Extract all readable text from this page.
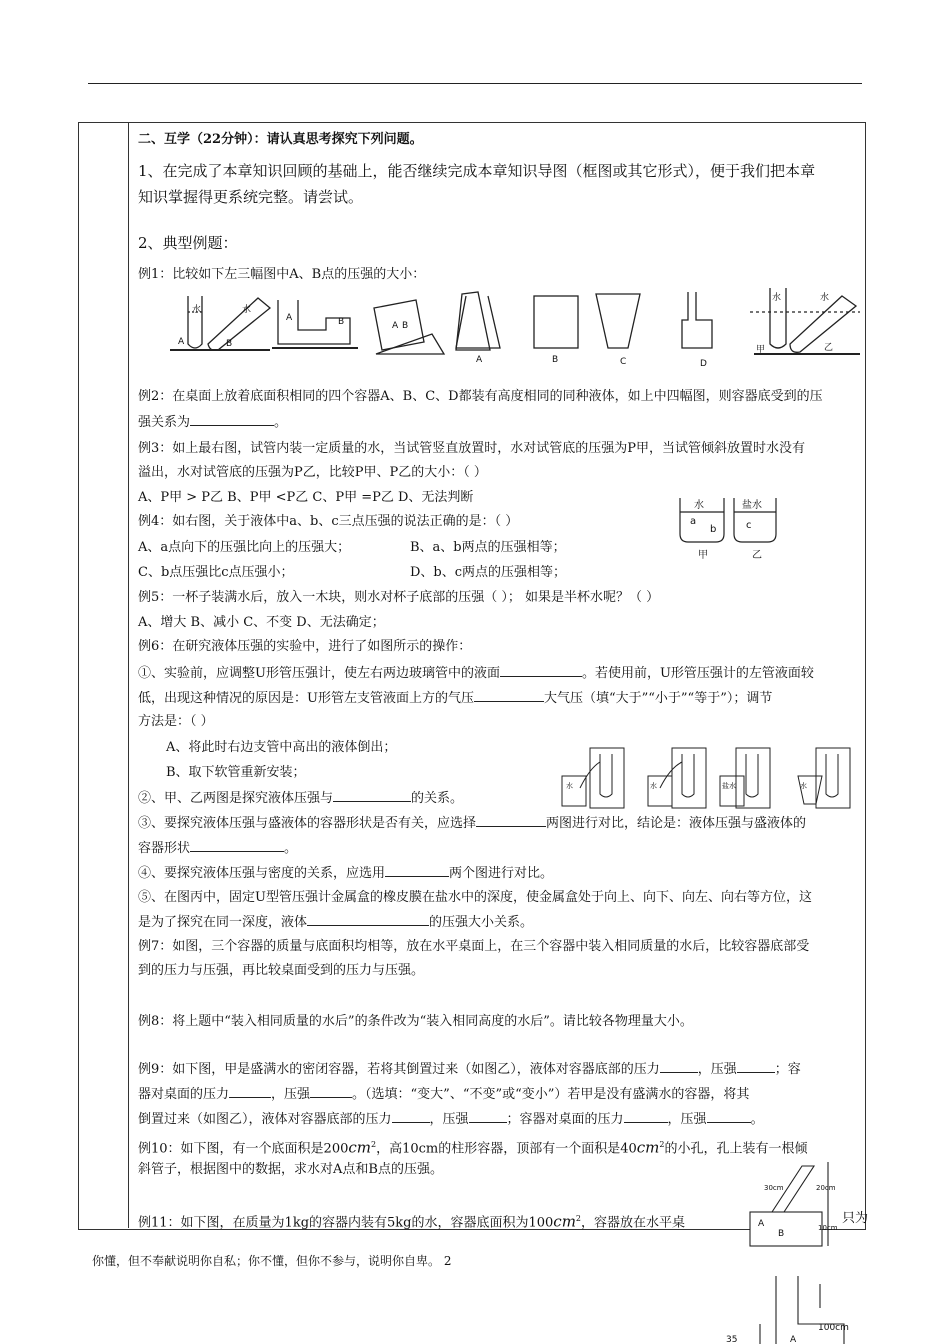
二、互学（22分钟）：请认真思考探究下列问题。
1、在完成了本章知识回顾的基础上，能否继续完成本章知识导图（框图或其它形式），便于我们把本章
知识掌握得更系统完整。请尝试。
2、典型例题：
例1：比较如下左三幅图中A、B点的压强的大小：
水	水
A	B
A	B	A B
A	B	C	D
水	水
甲	乙
例2：在桌面上放着底面积相同的四个容器A、B、C、D都装有高度相同的同种液体，如上中四幅图，则容器底受到的压
强关系为	。
例3：如上最右图，试管内装一定质量的水，当试管竖直放置时，水对试管底的压强为P甲，当试管倾斜放置时水没有
溢出，水对试管底的压强为P乙，比较P甲、P乙的大小：（ ）
A、P甲 > P乙 B、P甲 <P乙 C、P甲 =P乙 D、无法判断
例4：如右图，关于液体中a、b、c三点压强的说法正确的是：（ ）
水	盐水
a
b	c
甲	乙
A、a点向下的压强比向上的压强大；	B、a、b两点的压强相等；
C、b点压强比c点压强小；	D、b、c两点的压强相等；
例5：一杯子装满水后，放入一木块，则水对杯子底部的压强（ ）； 如果是半杯水呢？（ ）
A、增大 B、减小 C、不变 D、无法确定；
例6：在研究液体压强的实验中，进行了如图所示的操作：
①、实验前，应调整U形管压强计，使左右两边玻璃管中的液面	。若使用前，U形管压强计的左管液面较
低，出现这种情况的原因是：U形管左支管液面上方的气压	大气压（填“大于”“小于”“等于”）；调节
方法是：（ ）
A、将此时右边支管中高出的液体倒出；
B、取下软管重新安装；
水	水	盐水	水
②、甲、乙两图是探究液体压强与	的关系。
③、要探究液体压强与盛液体的容器形状是否有关，应选择	两图进行对比，结论是：液体压强与盛液体的
容器形状	。
④、要探究液体压强与密度的关系，应选用	两个图进行对比。
⑤、在图丙中，固定U型管压强计金属盒的橡皮膜在盐水中的深度，使金属盒处于向上、向下、向左、向右等方位，这
是为了探究在同一深度，液体	的压强大小关系。
例7：如图，三个容器的质量与底面积均相等，放在水平桌面上，在三个容器中装入相同质量的水后，比较容器底部受
到的压力与压强，再比较桌面受到的压力与压强。
例8：将上题中“装入相同质量的水后”的条件改为“装入相同高度的水后”。请比较各物理量大小。
例9：如下图，甲是盛满水的密闭容器，若将其倒置过来（如图乙），液体对容器底部的压力	，压强	；容
器对桌面的压力	，压强	。（选填：“变大”、“不变”或“变小”）若甲是没有盛满水的容器，将其
倒置过来（如图乙），液体对容器底部的压力	，压强	；容器对桌面的压力	，压强	。
例10：如下图，有一个底面积是$200cm^2$，高10cm的柱形容器，顶部有一个面积是$40cm^2$的小孔，孔上装有一根倾
斜管子，根据图中的数据，求水对A点和B点的压强。
例11：如下图，在质量为1kg的容器内装有5kg的水，容器底面积为$100cm^2$，容器放在水平桌	只为
30cm	20cm
10cm
A
B
你懂，但不奉献说明你自私；你不懂，但你不参与，说明你自卑。 2
100cm
A
35
